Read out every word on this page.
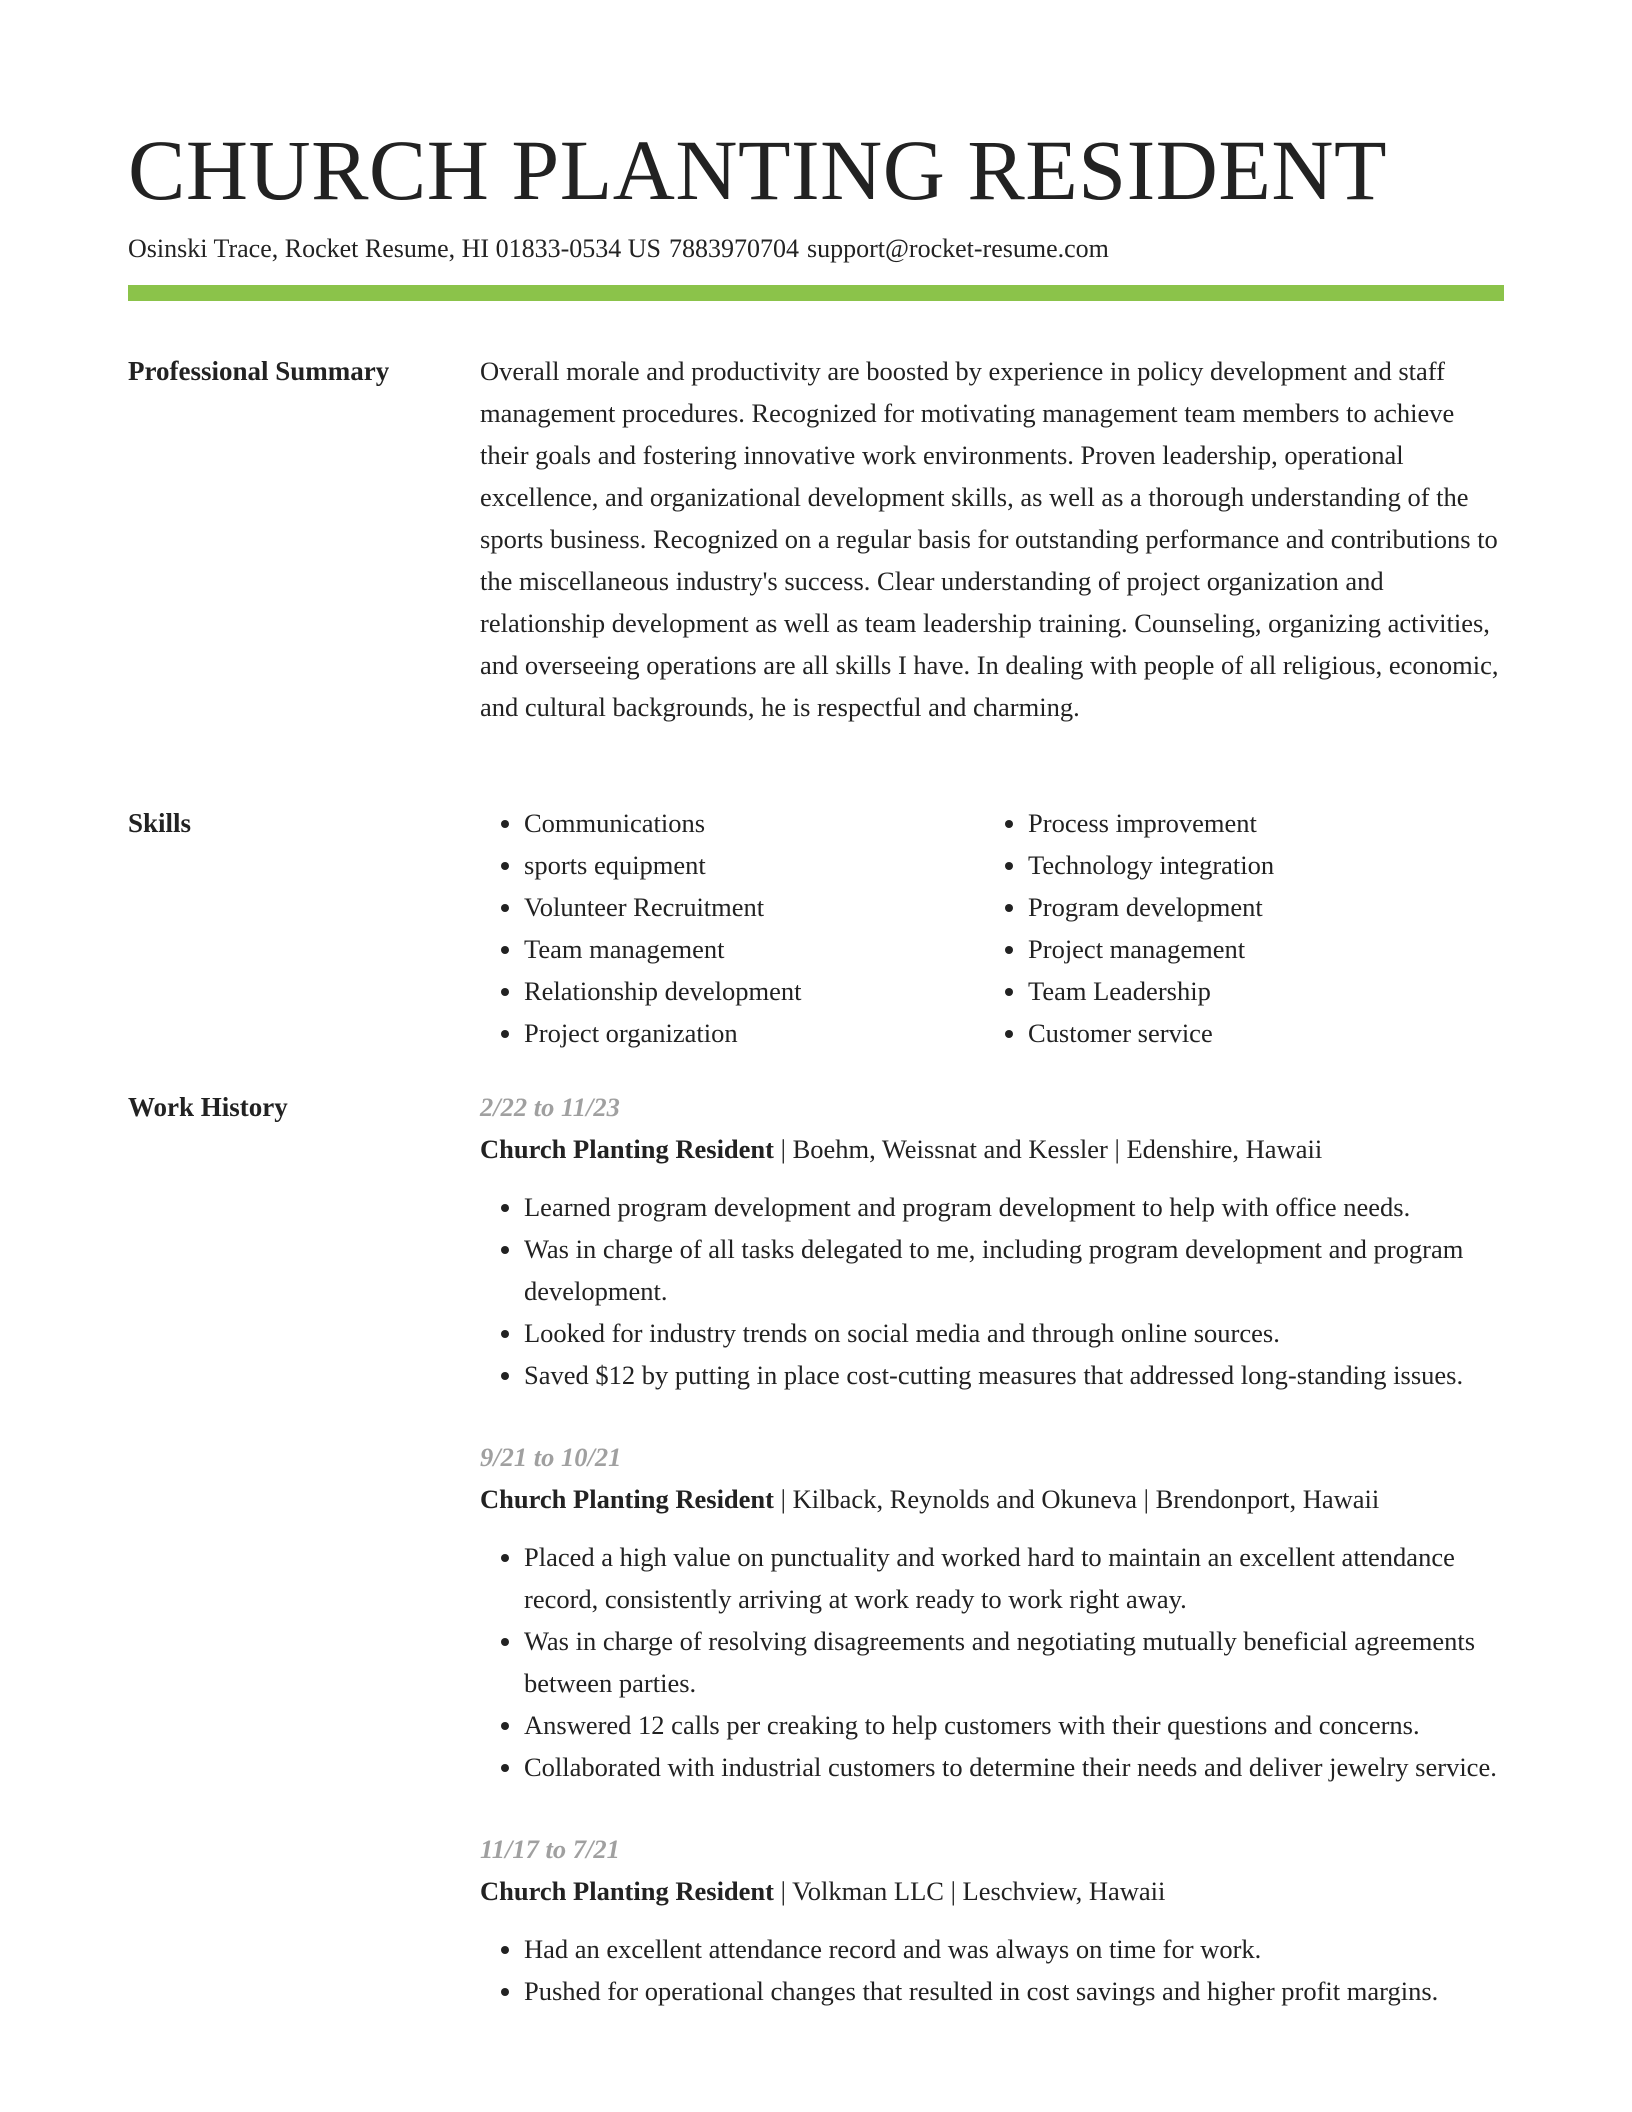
CHURCH PLANTING RESIDENT
Osinski Trace, Rocket Resume, HI 01833-0534 US 7883970704 support@rocket-resume.com
Professional Summary	Overall morale and productivity are boosted by experience in policy development and staff management procedures. Recognized for motivating management team members to achieve their goals and fostering innovative work environments. Proven leadership, operational excellence, and organizational development skills, as well as a thorough understanding of the sports business. Recognized on a regular basis for outstanding performance and contributions to the miscellaneous industry's success. Clear understanding of project organization and relationship development as well as team leadership training. Counseling, organizing activities, and overseeing operations are all skills I have. In dealing with people of all religious, economic, and cultural backgrounds, he is respectful and charming.

Skills
•	Communications
• sports equipment
• Volunteer Recruitment
• Team management
• Relationship development
• Project organization
• Process improvement
• Technology integration
• Program development
• Project management
• Team Leadership
• Customer service
Work History	2/22 to 11/23
Church Planting Resident | Boehm, Weissnat and Kessler | Edenshire, Hawaii
• Learned program development and program development to help with office needs.
• Was in charge of all tasks delegated to me, including program development and program development.
• Looked for industry trends on social media and through online sources.
• Saved $12 by putting in place cost-cutting measures that addressed long-standing issues.
9/21 to 10/21
Church Planting Resident | Kilback, Reynolds and Okuneva | Brendonport, Hawaii
• Placed a high value on punctuality and worked hard to maintain an excellent attendance record, consistently arriving at work ready to work right away.
• Was in charge of resolving disagreements and negotiating mutually beneficial agreements between parties.
• Answered 12 calls per creaking to help customers with their questions and concerns.
• Collaborated with industrial customers to determine their needs and deliver jewelry service.
11/17 to 7/21
Church Planting Resident | Volkman LLC | Leschview, Hawaii
• Had an excellent attendance record and was always on time for work.
• Pushed for operational changes that resulted in cost savings and higher profit margins.
